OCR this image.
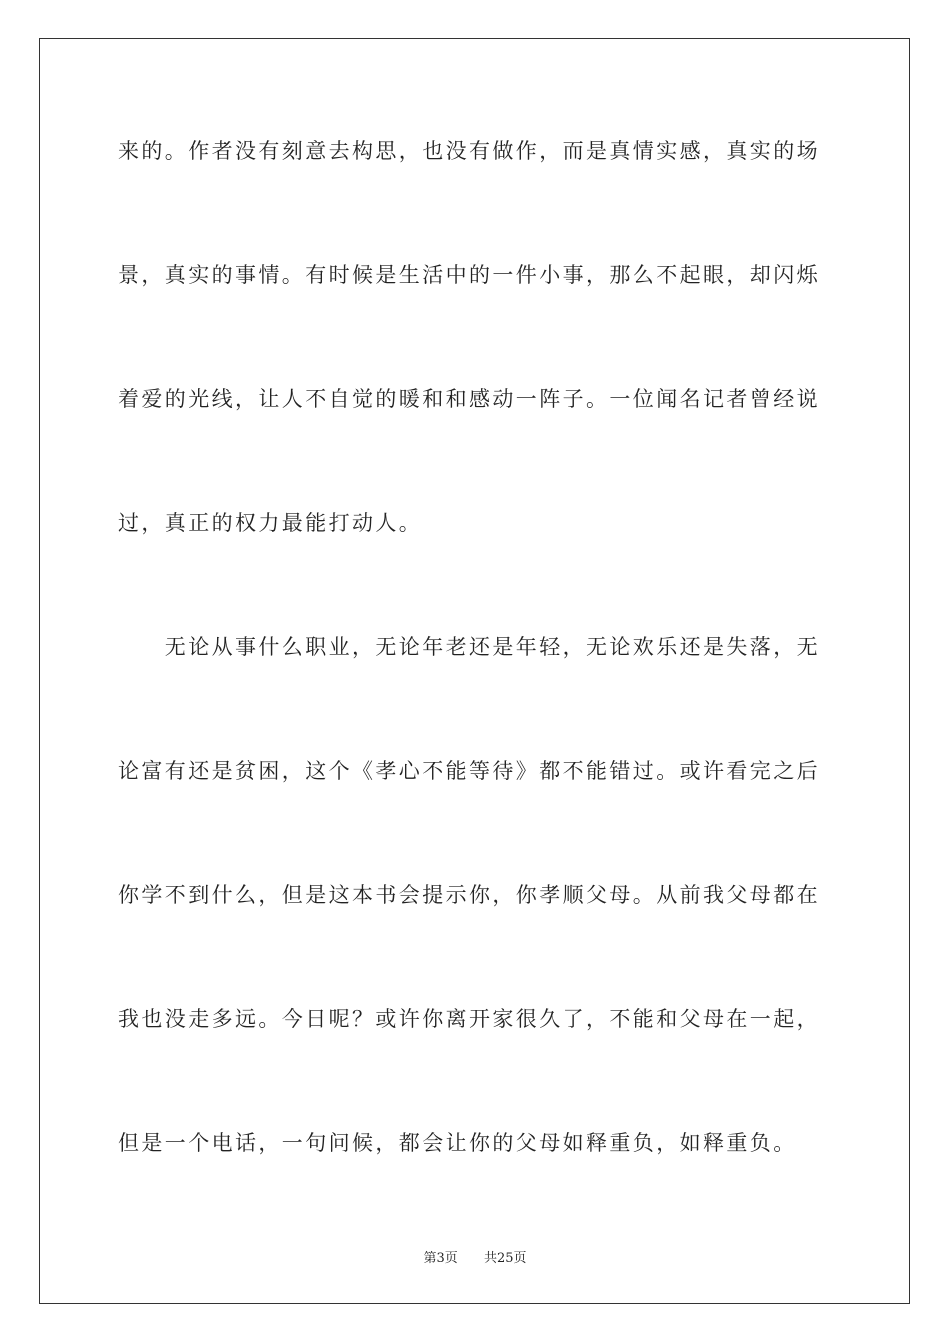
来的。作者没有刻意去构思，也没有做作，而是真情实感，真实的场
景，真实的事情。有时候是生活中的一件小事，那么不起眼，却闪烁
着爱的光线，让人不自觉的暖和和感动一阵子。一位闻名记者曾经说
过，真正的权力最能打动人。
　　无论从事什么职业，无论年老还是年轻，无论欢乐还是失落，无
论富有还是贫困，这个《孝心不能等待》都不能错过。或许看完之后
你学不到什么，但是这本书会提示你，你孝顺父母。从前我父母都在
我也没走多远。今日呢？或许你离开家很久了，不能和父母在一起，
但是一个电话，一句问候，都会让你的父母如释重负，如释重负。
第3页 共25页
